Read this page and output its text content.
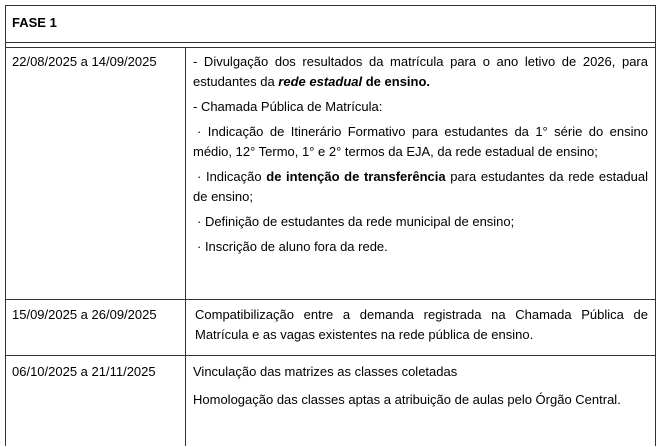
FASE 1
22/08/2025 a 14/09/2025	- Divulgação dos resultados da matrícula para o ano letivo de 2026, para estudantes da rede estadual de ensino.

- Chamada Pública de Matrícula:

· Indicação de Itinerário Formativo para estudantes da 1° série do ensino médio, 12° Termo, 1° e 2° termos da EJA, da rede estadual de ensino;

· Indicação de intenção de transferência para estudantes da rede estadual de ensino;

· Definição de estudantes da rede municipal de ensino;

· Inscrição de aluno fora da rede.

15/09/2025 a 26/09/2025	Compatibilização entre a demanda registrada na Chamada Pública de Matrícula e as vagas existentes na rede pública de ensino.

06/10/2025 a 21/11/2025	Vinculação das matrizes as classes coletadas

Homologação das classes aptas a atribuição de aulas pelo Órgão Central.
